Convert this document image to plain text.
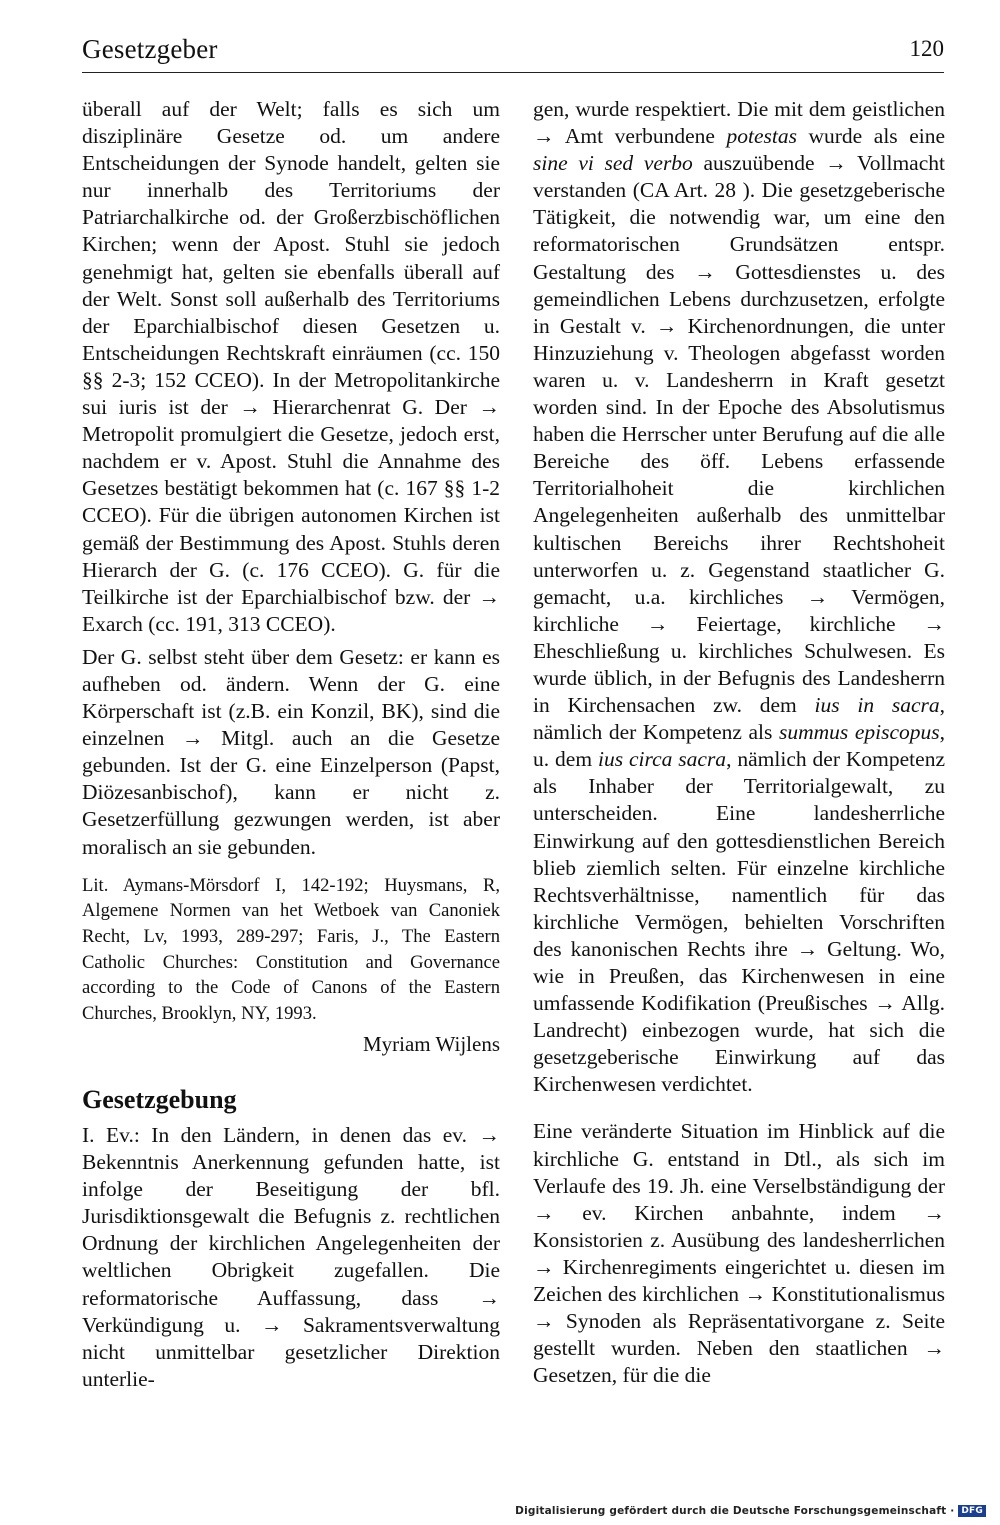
Gesetzgeber	120

überall auf der Welt; falls es sich um disziplinäre Gesetze od. um andere Entscheidungen der Synode handelt, gelten sie nur innerhalb des Territoriums der Patriarchalkirche od. der Großerzbischöflichen Kirchen; wenn der Apost. Stuhl sie jedoch genehmigt hat, gelten sie ebenfalls überall auf der Welt. Sonst soll außerhalb des Territoriums der Eparchialbischof diesen Gesetzen u. Entscheidungen Rechtskraft einräumen (cc. 150 §§ 2-3; 152 CCEO). In der Metropolitankirche sui iuris ist der → Hierarchenrat G. Der → Metropolit promulgiert die Gesetze, jedoch erst, nachdem er v. Apost. Stuhl die Annahme des Gesetzes bestätigt bekommen hat (c. 167 §§ 1-2 CCEO). Für die übrigen autonomen Kirchen ist gemäß der Bestimmung des Apost. Stuhls deren Hierarch der G. (c. 176 CCEO). G. für die Teilkirche ist der Eparchialbischof bzw. der → Exarch (cc. 191, 313 CCEO).

Der G. selbst steht über dem Gesetz: er kann es aufheben od. ändern. Wenn der G. eine Körperschaft ist (z.B. ein Konzil, BK), sind die einzelnen → Mitgl. auch an die Gesetze gebunden. Ist der G. eine Einzelperson (Papst, Diözesanbischof), kann er nicht z. Gesetzerfüllung gezwungen werden, ist aber moralisch an sie gebunden.

Lit. Aymans-Mörsdorf I, 142-192; Huysmans, R, Algemene Normen van het Wetboek van Canoniek Recht, Lv, 1993, 289-297; Faris, J., The Eastern Catholic Churches: Constitution and Governance according to the Code of Canons of the Eastern Churches, Brooklyn, NY, 1993.

Myriam Wijlens

Gesetzgebung

I. Ev.: In den Ländern, in denen das ev. → Bekenntnis Anerkennung gefunden hatte, ist infolge der Beseitigung der bfl. Jurisdiktionsgewalt die Befugnis z. rechtlichen Ordnung der kirchlichen Angelegenheiten der weltlichen Obrigkeit zugefallen. Die reformatorische Auffassung, dass → Verkündigung u. → Sakramentsverwaltung nicht unmittelbar gesetzlicher Direktion unterlie-

gen, wurde respektiert. Die mit dem geistlichen → Amt verbundene potestas wurde als eine sine vi sed verbo auszuübende → Vollmacht verstanden (CA Art. 28 ). Die gesetzgeberische Tätigkeit, die notwendig war, um eine den reformatorischen Grundsätzen entspr. Gestaltung des → Gottesdienstes u. des gemeindlichen Lebens durchzusetzen, erfolgte in Gestalt v. → Kirchenordnungen, die unter Hinzuziehung v. Theologen abgefasst worden waren u. v. Landesherrn in Kraft gesetzt worden sind. In der Epoche des Absolutismus haben die Herrscher unter Berufung auf die alle Bereiche des öff. Lebens erfassende Territorialhoheit die kirchlichen Angelegenheiten außerhalb des unmittelbar kultischen Bereichs ihrer Rechtshoheit unterworfen u. z. Gegenstand staatlicher G. gemacht, u.a. kirchliches → Vermögen, kirchliche → Feiertage, kirchliche → Eheschließung u. kirchliches Schulwesen. Es wurde üblich, in der Befugnis des Landesherrn in Kirchensachen zw. dem ius in sacra, nämlich der Kompetenz als summus episcopus, u. dem ius circa sacra, nämlich der Kompetenz als Inhaber der Territorialgewalt, zu unterscheiden. Eine landesherrliche Einwirkung auf den gottesdienstlichen Bereich blieb ziemlich selten. Für einzelne kirchliche Rechtsverhältnisse, namentlich für das kirchliche Vermögen, behielten Vorschriften des kanonischen Rechts ihre → Geltung. Wo, wie in Preußen, das Kirchenwesen in eine umfassende Kodifikation (Preußisches → Allg. Landrecht) einbezogen wurde, hat sich die gesetzgeberische Einwirkung auf das Kirchenwesen verdichtet.

Eine veränderte Situation im Hinblick auf die kirchliche G. entstand in Dtl., als sich im Verlaufe des 19. Jh. eine Verselbständigung der → ev. Kirchen anbahnte, indem → Konsistorien z. Ausübung des landesherrlichen → Kirchenregiments eingerichtet u. diesen im Zeichen des kirchlichen → Konstitutionalismus → Synoden als Repräsentativorgane z. Seite gestellt wurden. Neben den staatlichen → Gesetzen, für die die

Digitalisierung gefördert durch die Deutsche Forschungsgemeinschaft · DFG
